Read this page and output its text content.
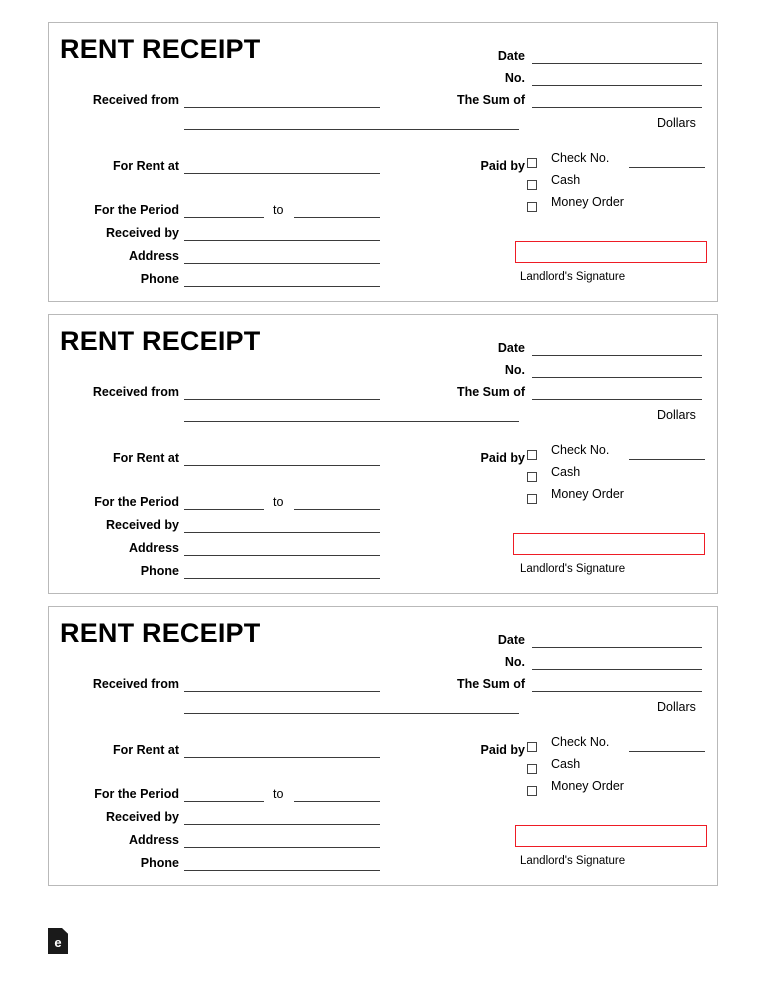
RENT RECEIPT
Received from
For Rent at
For the Period	to
Received by
Address
Phone
Date
No.
The Sum of
Dollars
Paid by
Check No.
Cash
Money Order
Landlord's Signature
RENT RECEIPT
Received from
For Rent at
For the Period	to
Received by
Address
Phone
Date
No.
The Sum of
Dollars
Paid by
Check No.
Cash
Money Order
Landlord's Signature
RENT RECEIPT
Received from
For Rent at
For the Period	to
Received by
Address
Phone
Date
No.
The Sum of
Dollars
Paid by
Check No.
Cash
Money Order
Landlord's Signature
e
